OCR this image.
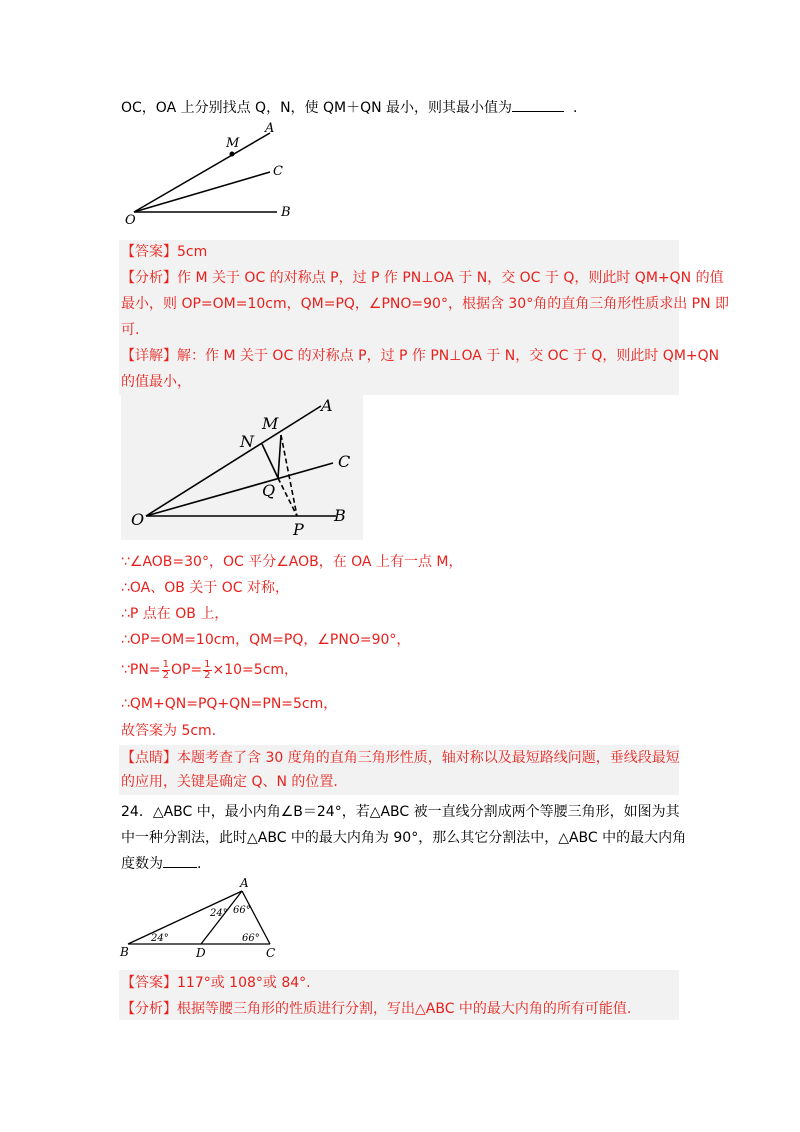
OC，OA 上分别找点 Q，N，使 QM＋QN 最小，则其最小值为	.
A
M
C
O
B
【答案】5cm
【分析】作 M 关于 OC 的对称点 P，过 P 作 PN⊥OA 于 N，交 OC 于 Q，则此时 QM+QN 的值
最小，则 OP=OM=10cm，QM=PQ，∠PNO=90°，根据含 30°角的直角三角形性质求出 PN 即
可.
【详解】解：作 M 关于 OC 的对称点 P，过 P 作 PN⊥OA 于 N，交 OC 于 Q，则此时 QM+QN
的值最小，
A
M
N
C
Q
O
P
B
∵∠AOB=30°，OC 平分∠AOB，在 OA 上有一点 M，
∴OA、OB 关于 OC 对称，
∴P 点在 OB 上，
∴OP=OM=10cm，QM=PQ，∠PNO=90°，
∵PN= $\frac{1}{2} OP= \frac{1}{2} \times 10=5cm$，
∴QM+QN=PQ+QN=PN=5cm，
故答案为 5cm．
【点睛】本题考查了含 30 度角的直角三角形性质，轴对称以及最短路线问题，垂线段最短
的应用，关键是确定 Q、N 的位置.
24．△ABC 中，最小内角∠B＝24°，若△ABC 被一直线分割成两个等腰三角形，如图为其
中一种分割法，此时△ABC 中的最大内角为 90°，那么其它分割法中，△ABC 中的最大内角
度数为 .
A
B	D	C
24°
24° 66°
66°
【答案】117°或 108°或 84°.
【分析】根据等腰三角形的性质进行分割，写出△ABC 中的最大内角的所有可能值.
